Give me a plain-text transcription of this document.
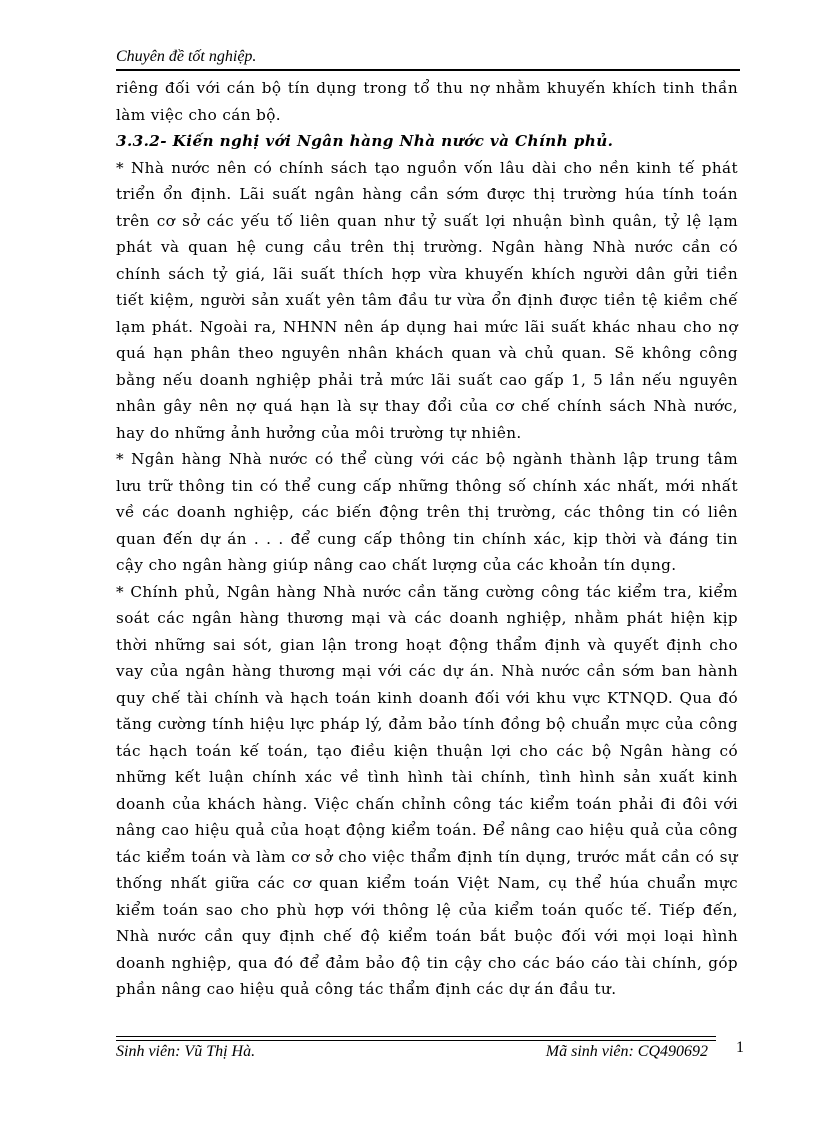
Chuyên đề tốt nghiệp.

riêng đối với cán bộ tín dụng trong tổ thu nợ nhằm khuyến khích tinh thần làm việc cho cán bộ.

3.3.2- Kiến nghị với Ngân hàng Nhà nước và Chính phủ.

* Nhà nước nên có chính sách tạo nguồn vốn lâu dài cho nền kinh tế phát triển ổn định. Lãi suất ngân hàng cần sớm được thị trường húa tính toán trên cơ sở các yếu tố liên quan như tỷ suất lợi nhuận bình quân, tỷ lệ lạm phát và quan hệ cung cầu trên thị trường. Ngân hàng Nhà nước cần có chính sách tỷ giá, lãi suất thích hợp vừa khuyến khích người dân gửi tiền tiết kiệm, người sản xuất yên tâm đầu tư vừa ổn định được tiền tệ kiềm chế lạm phát. Ngoài ra, NHNN nên áp dụng hai mức lãi suất khác nhau cho nợ quá hạn phân theo nguyên nhân khách quan và chủ quan. Sẽ không công bằng nếu doanh nghiệp phải trả mức lãi suất cao gấp 1, 5 lần nếu nguyên nhân gây nên nợ quá hạn là sự thay đổi của cơ chế chính sách Nhà nước, hay do những ảnh hưởng của môi trường tự nhiên.

* Ngân hàng Nhà nước có thể cùng với các bộ ngành thành lập trung tâm lưu trữ thông tin có thể cung cấp những thông số chính xác nhất, mới nhất về các doanh nghiệp, các biến động trên thị trường, các thông tin có liên quan đến dự án . . . để cung cấp thông tin chính xác, kịp thời và đáng tin cậy cho ngân hàng giúp nâng cao chất lượng của các khoản tín dụng.

* Chính phủ, Ngân hàng Nhà nước cần tăng cường công tác kiểm tra, kiểm soát các ngân hàng thương mại và các doanh nghiệp, nhằm phát hiện kịp thời những sai sót, gian lận trong hoạt động thẩm định và quyết định cho vay của ngân hàng thương mại với các dự án. Nhà nước cần sớm ban hành quy chế tài chính và hạch toán kinh doanh đối với khu vực KTNQD. Qua đó tăng cường tính hiệu lực pháp lý, đảm bảo tính đồng bộ chuẩn mực của công tác hạch toán kế toán, tạo điều kiện thuận lợi cho các bộ Ngân hàng có những kết luận chính xác về tình hình tài chính, tình hình sản xuất kinh doanh của khách hàng. Việc chấn chỉnh công tác kiểm toán phải đi đôi với nâng cao hiệu quả của hoạt động kiểm toán. Để nâng cao hiệu quả của công tác kiểm toán và làm cơ sở cho việc thẩm định tín dụng, trước mắt cần có sự thống nhất giữa các cơ quan kiểm toán Việt Nam, cụ thể húa chuẩn mực kiểm toán sao cho phù hợp với thông lệ của kiểm toán quốc tế. Tiếp đến, Nhà nước cần quy định chế độ kiểm toán bắt buộc đối với mọi loại hình doanh nghiệp, qua đó để đảm bảo độ tin cậy cho các báo cáo tài chính, góp phần nâng cao hiệu quả công tác thẩm định các dự án đầu tư.

Sinh viên: Vũ Thị Hà.	Mã sinh viên: CQ490692 1
